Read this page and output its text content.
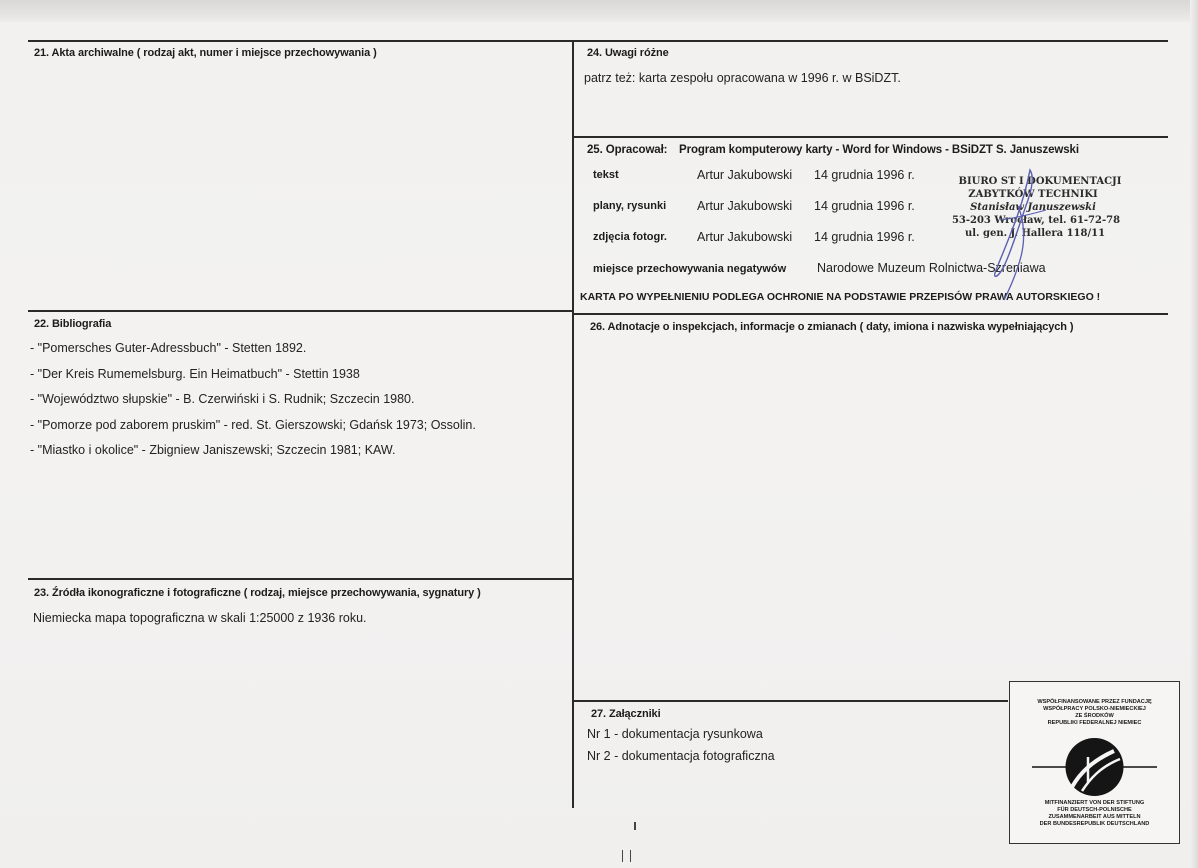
21. Akta archiwalne ( rodzaj akt, numer i miejsce przechowywania )	24. Uwagi różne
patrz też: karta zespołu opracowana w 1996 r. w BSiDZT.
25. Opracował: Program komputerowy karty - Word for Windows - BSiDZT S. Januszewski
tekst	Artur Jakubowski 14 grudnia 1996 r.
plany, rysunki Artur Jakubowski 14 grudnia 1996 r.
zdjęcia fotogr. Artur Jakubowski 14 grudnia 1996 r.
miejsce przechowywania negatywów Narodowe Muzeum Rolnictwa-Szreniawa
KARTA PO WYPEŁNIENIU PODLEGA OCHRONIE NA PODSTAWIE PRZEPISÓW PRAWA AUTORSKIEGO !
BIURO ST I DOKUMENTACJI
ZABYTKÓW TECHNIKI
Stanisław Januszewski
53-203 Wrocław, tel. 61-72-78
ul. gen. J. Hallera 118/11
22. Bibliografia
- "Pomersches Guter-Adressbuch" - Stetten 1892.
- "Der Kreis Rumemelsburg. Ein Heimatbuch" - Stettin 1938
- "Województwo słupskie" - B. Czerwiński i S. Rudnik; Szczecin 1980.
- "Pomorze pod zaborem pruskim" - red. St. Gierszowski; Gdańsk 1973; Ossolin.
- "Miastko i okolice" - Zbigniew Janiszewski; Szczecin 1981; KAW.
26. Adnotacje o inspekcjach, informacje o zmianach ( daty, imiona i nazwiska wypełniających )
23. Źródła ikonograficzne i fotograficzne ( rodzaj, miejsce przechowywania, sygnatury )
Niemiecka mapa topograficzna w skali 1:25000 z 1936 roku.
27. Załączniki
Nr 1 - dokumentacja rysunkowa
Nr 2 - dokumentacja fotograficzna
WSPÓŁFINANSOWANE PRZEZ FUNDACJĘ
WSPÓŁPRACY POLSKO-NIEMIECKIEJ
ZE ŚRODKÓW
REPUBLIKI FEDERALNEJ NIEMIEC
MITFINANZIERT VON DER STIFTUNG
FÜR DEUTSCH-POLNISCHE
ZUSAMMENARBEIT AUS MITTELN
DER BUNDESREPUBLIK DEUTSCHLAND
